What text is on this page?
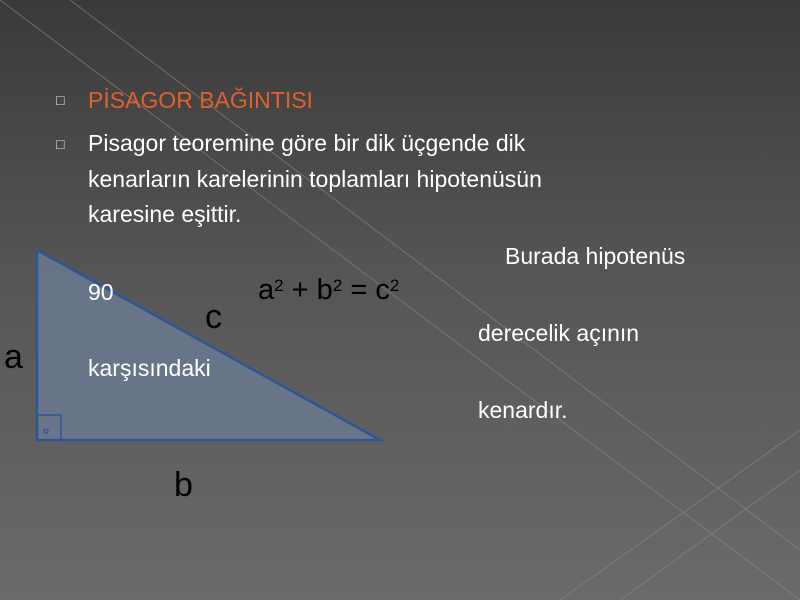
□ PİSAGOR BAĞINTISI
□ Pisagor teoremine göre bir dik üçgende dik
kenarların karelerinin toplamları hipotenüsün
karesine eşittir.
Burada hipotenüs
90
derecelik açının
karşısındaki
kenardır.
$a^2 + b^2 = c^2$
c
a
b
